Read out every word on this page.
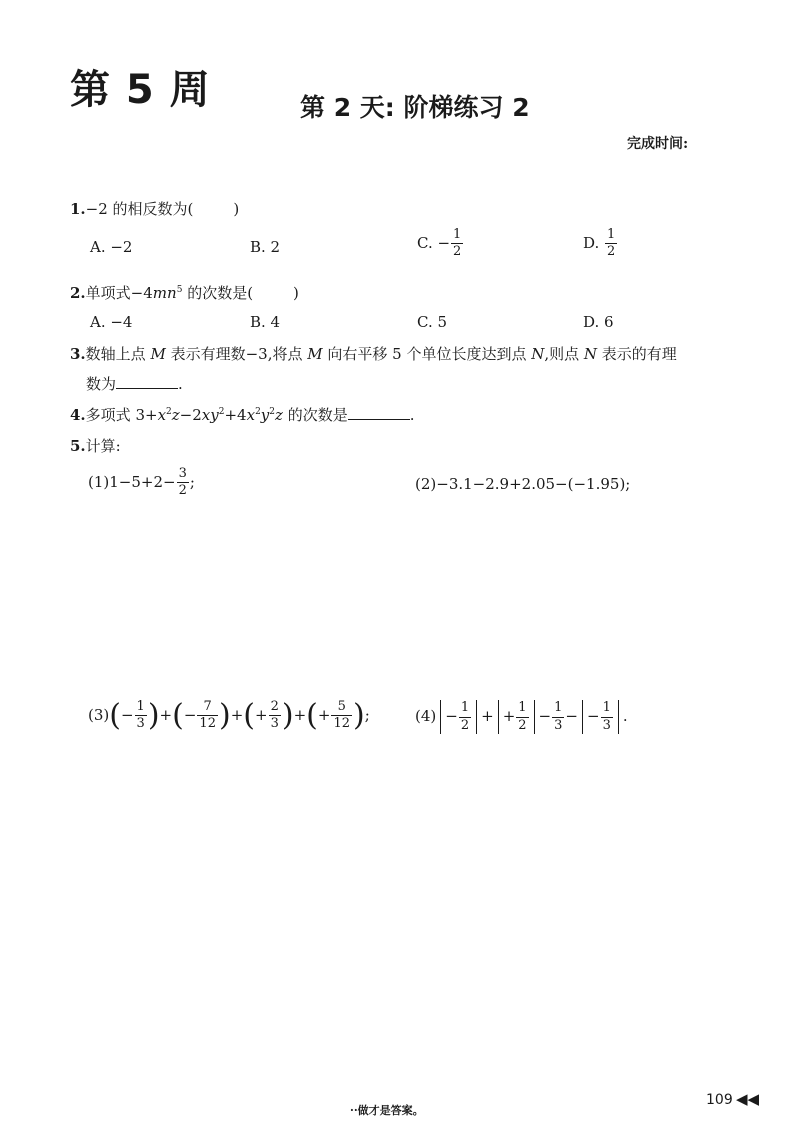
第 5 周	第 2 天: 阶梯练习 2
完成时间:
1.−2 的相反数为(	)
A. −2	B. 2	C. − $\frac{1}{2}$	D. $\frac{1}{2}$
2.单项式$-4mn^5$ 的次数是(	)
A. −4	B. 4	C. 5	D. 6
3.数轴上点 M 表示有理数−3,将点 M 向右平移 5 个单位长度达到点 N,则点 N 表示的有理
数为	.
4.多项式 $3+x^2z-2xy^2+4x^2y^2z$ 的次数是	.
5.计算:
$(1)1-5+2- \frac{3}{2}$ ;	(2)−3.1−2.9+2.05−(−1.95);
$(3)(- \frac{1}{3}$ )+(− $\frac{7}{12}$ )+(+ $\frac{2}{3}$ )+(+ $\frac{5}{12}$ );	$(4) - \frac{1}{2}$ + + $\frac{1}{2} - \frac{1}{3}$ − − $\frac{1}{3}$ .
··做才是答案。
109 ◀◀
